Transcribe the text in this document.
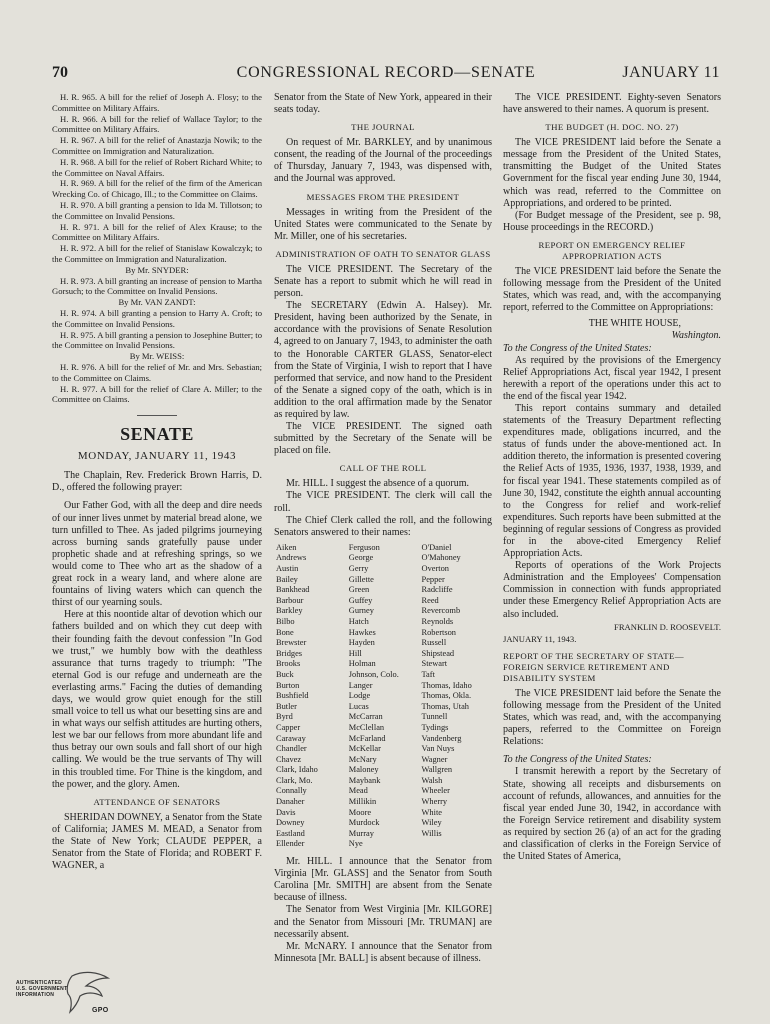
70	CONGRESSIONAL RECORD—SENATE	JANUARY 11

H. R. 965. A bill for the relief of Joseph A. Flosy; to the Committee on Military Affairs.

H. R. 966. A bill for the relief of Wallace Taylor; to the Committee on Military Affairs.

H. R. 967. A bill for the relief of Anastazja Nowik; to the Committee on Immigration and Naturalization.

H. R. 968. A bill for the relief of Robert Richard White; to the Committee on Naval Affairs.

H. R. 969. A bill for the relief of the firm of the American Wrecking Co. of Chicago, Ill.; to the Committee on Claims.

H. R. 970. A bill granting a pension to Ida M. Tillotson; to the Committee on Invalid Pensions.

H. R. 971. A bill for the relief of Alex Krause; to the Committee on Military Affairs.

H. R. 972. A bill for the relief of Stanislaw Kowalczyk; to the Committee on Immigration and Naturalization.

By Mr. SNYDER:

H. R. 973. A bill granting an increase of pension to Martha Gorsuch; to the Committee on Invalid Pensions.

By Mr. VAN ZANDT:

H. R. 974. A bill granting a pension to Harry A. Croft; to the Committee on Invalid Pensions.

H. R. 975. A bill granting a pension to Josephine Butter; to the Committee on Invalid Pensions.

By Mr. WEISS:

H. R. 976. A bill for the relief of Mr. and Mrs. Sebastian; to the Committee on Claims.

H. R. 977. A bill for the relief of Clare A. Miller; to the Committee on Claims.

SENATE
MONDAY, JANUARY 11, 1943

The Chaplain, Rev. Frederick Brown Harris, D. D., offered the following prayer:

Our Father God, with all the deep and dire needs of our inner lives unmet by material bread alone, we turn unfilled to Thee. As jaded pilgrims journeying across burning sands gratefully pause under prophetic shade and at refreshing springs, so we would come to Thee who art as the shadow of a great rock in a weary land, and where alone are fountains of living waters which can quench the thirst of our yearning souls.

Here at this noontide altar of devotion which our fathers builded and on which they cut deep with their founding faith the devout confession "In God we trust," we humbly bow with the deathless assurance that turns tragedy to triumph: "The eternal God is our refuge and underneath are the everlasting arms." Facing the duties of demanding days, we would grow quiet enough for the still small voice to tell us what our besetting sins are and in what ways our selfish attitudes are hurting others, lest we bar our fellows from more abundant life and thus betray our own souls and fall short of our high calling. We would be the true servants of Thy will in this troubled time. For Thine is the kingdom, and the power, and the glory. Amen.

ATTENDANCE OF SENATORS

SHERIDAN DOWNEY, a Senator from the State of California; JAMES M. MEAD, a Senator from the State of New York; CLAUDE PEPPER, a Senator from the State of Florida; and ROBERT F. WAGNER, a

Senator from the State of New York, appeared in their seats today.

THE JOURNAL

On request of Mr. BARKLEY, and by unanimous consent, the reading of the Journal of the proceedings of Thursday, January 7, 1943, was dispensed with, and the Journal was approved.

MESSAGES FROM THE PRESIDENT

Messages in writing from the President of the United States were communicated to the Senate by Mr. Miller, one of his secretaries.

ADMINISTRATION OF OATH TO SENATOR GLASS

The VICE PRESIDENT. The Secretary of the Senate has a report to submit which he will read in person.

The SECRETARY (Edwin A. Halsey). Mr. President, having been authorized by the Senate, in accordance with the provisions of Senate Resolution 4, agreed to on January 7, 1943, to administer the oath to the Honorable CARTER GLASS, Senator-elect from the State of Virginia, I wish to report that I have performed that service, and now hand to the President of the Senate a signed copy of the oath, which is in addition to the oral affirmation made by the Senator as required by law.

The VICE PRESIDENT. The signed oath submitted by the Secretary of the Senate will be placed on file.

CALL OF THE ROLL

Mr. HILL. I suggest the absence of a quorum.

The VICE PRESIDENT. The clerk will call the roll.

The Chief Clerk called the roll, and the following Senators answered to their names:

Aiken
Andrews
Austin
Bailey
Bankhead
Barbour
Barkley
Bilbo
Bone
Brewster
Bridges
Brooks
Buck
Burton
Bushfield
Butler
Byrd
Capper
Caraway
Chandler
Chavez
Clark, Idaho
Clark, Mo.
Connally
Danaher
Davis
Downey
Eastland
Ellender
Ferguson
George
Gerry
Gillette
Green
Guffey
Gurney
Hatch
Hawkes
Hayden
Hill
Holman
Johnson, Colo.
Langer
Lodge
Lucas
McCarran
McClellan
McFarland
McKellar
McNary
Maloney
Maybank
Mead
Millikin
Moore
Murdock
Murray
Nye
O'Daniel
O'Mahoney
Overton
Pepper
Radcliffe
Reed
Revercomb
Reynolds
Robertson
Russell
Shipstead
Stewart
Taft
Thomas, Idaho
Thomas, Okla.
Thomas, Utah
Tunnell
Tydings
Vandenberg
Van Nuys
Wagner
Wallgren
Walsh
Wheeler
Wherry
White
Wiley
Willis

Mr. HILL. I announce that the Senator from Virginia [Mr. GLASS] and the Senator from South Carolina [Mr. SMITH] are absent from the Senate because of illness.

The Senator from West Virginia [Mr. KILGORE] and the Senator from Missouri [Mr. TRUMAN] are necessarily absent.

Mr. McNARY. I announce that the Senator from Minnesota [Mr. BALL] is absent because of illness.

The VICE PRESIDENT. Eighty-seven Senators have answered to their names. A quorum is present.

THE BUDGET (H. DOC. NO. 27)

The VICE PRESIDENT laid before the Senate a message from the President of the United States, transmitting the Budget of the United States Government for the fiscal year ending June 30, 1944, which was read, referred to the Committee on Appropriations, and ordered to be printed.

(For Budget message of the President, see p. 98, House proceedings in the RECORD.)

REPORT ON EMERGENCY RELIEF APPROPRIATION ACTS

The VICE PRESIDENT laid before the Senate the following message from the President of the United States, which was read, and, with the accompanying report, referred to the Committee on Appropriations:

THE WHITE HOUSE,

Washington.

To the Congress of the United States:

As required by the provisions of the Emergency Relief Appropriations Act, fiscal year 1942, I present herewith a report of the operations under this act to the end of the fiscal year 1942.

This report contains summary and detailed statements of the Treasury Department reflecting expenditures made, obligations incurred, and the status of funds under the above-mentioned act. In addition thereto, the information is presented covering the Relief Acts of 1935, 1936, 1937, 1938, 1939, and for fiscal year 1941. These statements compiled as of June 30, 1942, constitute the eighth annual accounting to the Congress for relief and work-relief expenditures. Such reports have been submitted at the beginning of regular sessions of Congress as provided for in the above-cited Emergency Relief Appropriation Acts.

Reports of operations of the Work Projects Administration and the Employees' Compensation Commission in connection with funds appropriated under these Emergency Relief Appropriation Acts are also included.

FRANKLIN D. ROOSEVELT.

JANUARY 11, 1943.

REPORT OF THE SECRETARY OF STATE—FOREIGN SERVICE RETIREMENT AND DISABILITY SYSTEM

The VICE PRESIDENT laid before the Senate the following message from the President of the United States, which was read, and, with the accompanying papers, referred to the Committee on Foreign Relations:

To the Congress of the United States:

I transmit herewith a report by the Secretary of State, showing all receipts and disbursements on account of refunds, allowances, and annuities for the fiscal year ended June 30, 1942, in accordance with the Foreign Service retirement and disability system as required by section 26 (a) of an act for the grading and classification of clerks in the Foreign Service of the United States of America,

AUTHENTICATED
U.S. GOVERNMENT
INFORMATION
GPO
